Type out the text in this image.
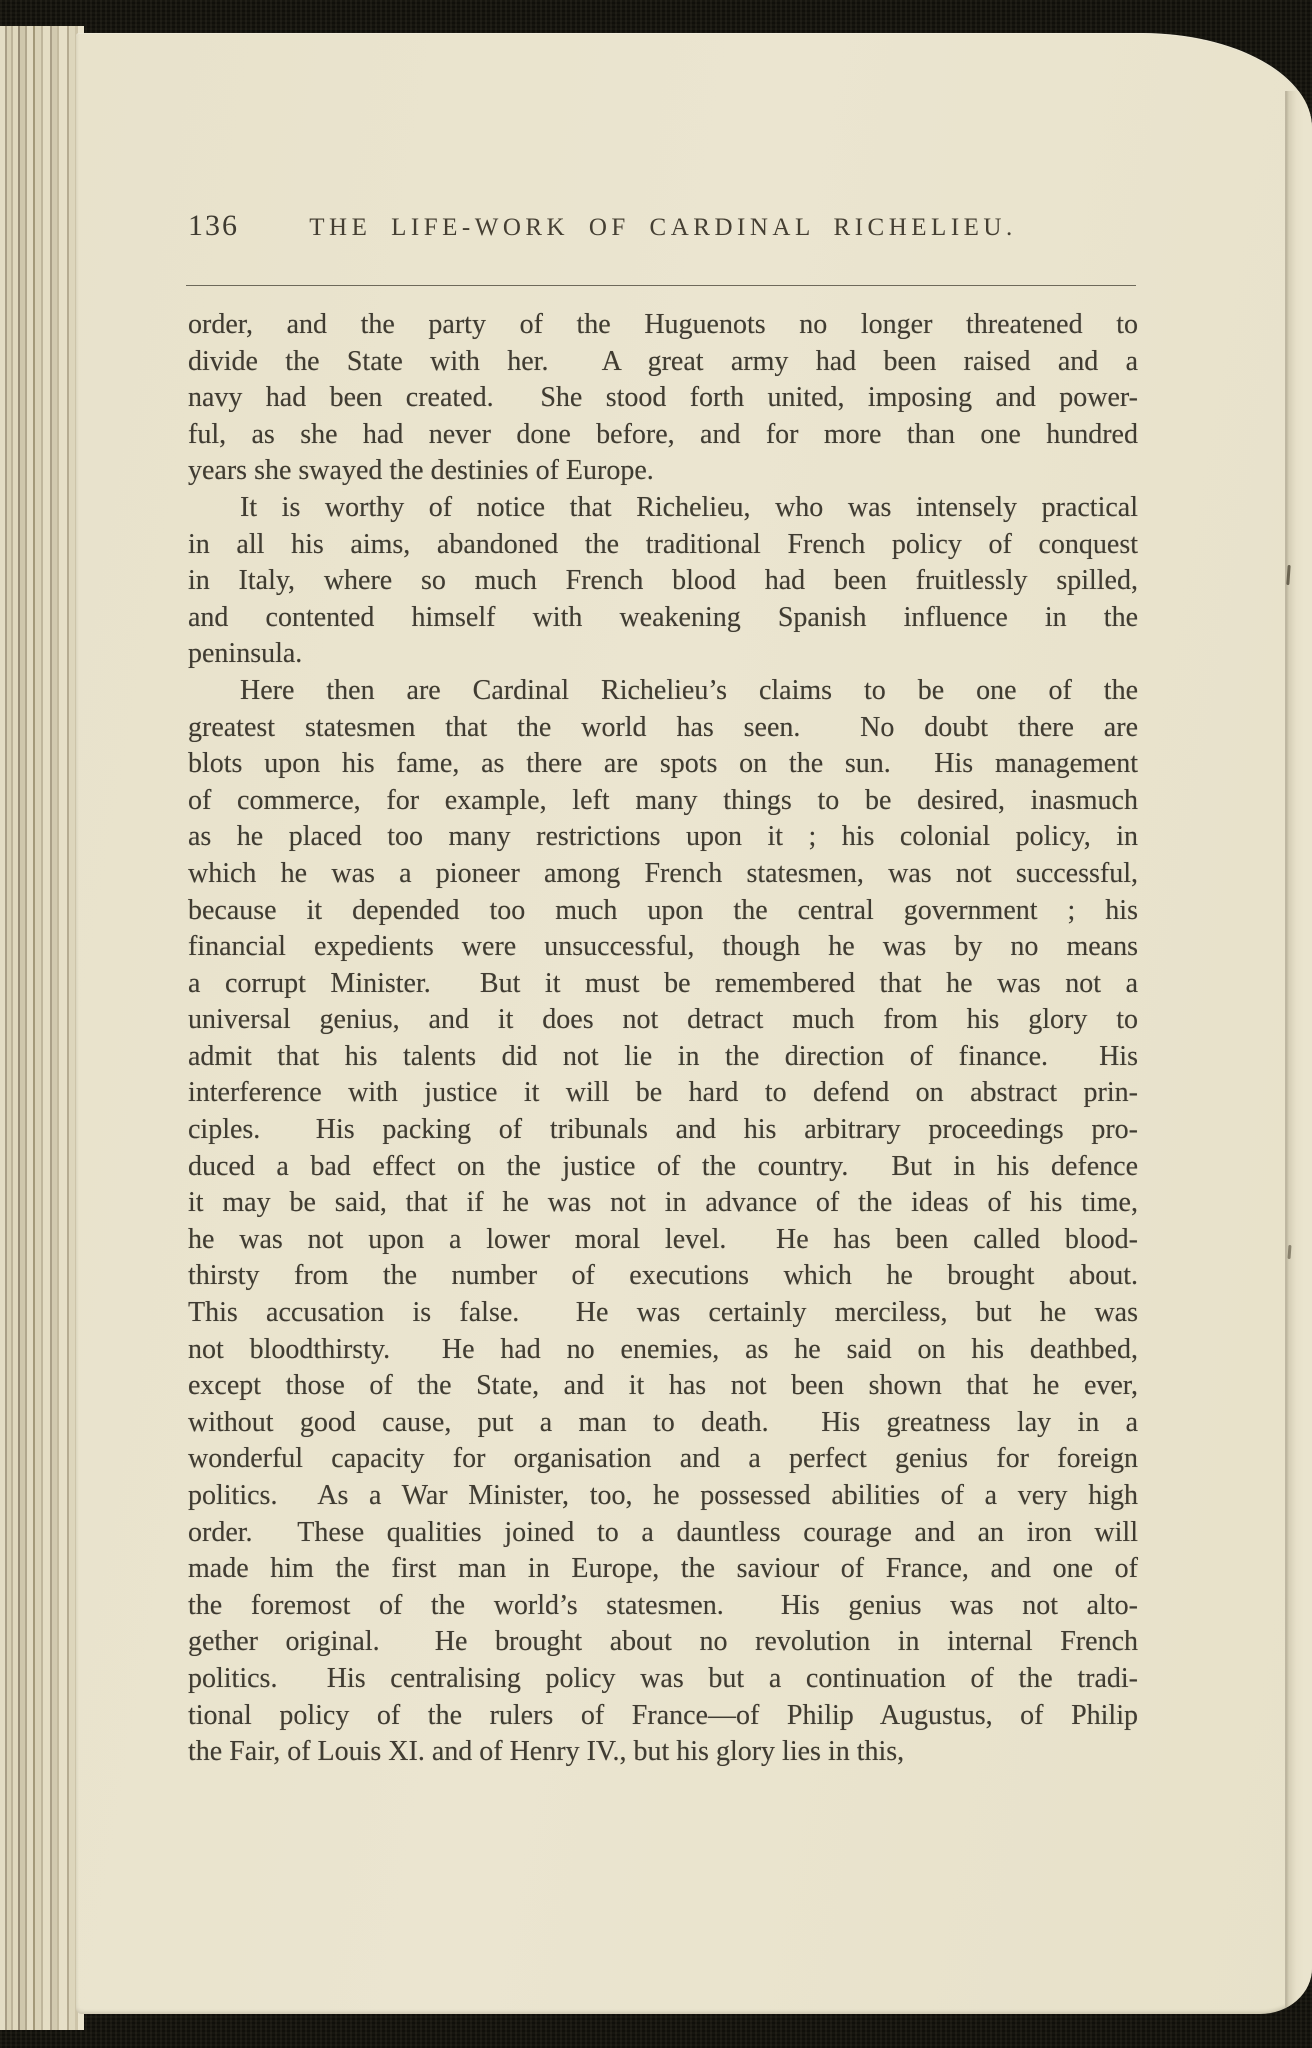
136	THE LIFE-WORK OF CARDINAL RICHELIEU.
order, and the party of the Huguenots no longer threatened to
divide the State with her.  A great army had been raised and a
navy had been created.  She stood forth united, imposing and power-
ful, as she had never done before, and for more than one hundred
years she swayed the destinies of Europe.
It is worthy of notice that Richelieu, who was intensely practical
in all his aims, abandoned the traditional French policy of conquest
in Italy, where so much French blood had been fruitlessly spilled,
and contented himself with weakening Spanish influence in the
peninsula.
Here then are Cardinal Richelieu’s claims to be one of the
greatest statesmen that the world has seen.  No doubt there are
blots upon his fame, as there are spots on the sun.  His management
of commerce, for example, left many things to be desired, inasmuch
as he placed too many restrictions upon it ; his colonial policy, in
which he was a pioneer among French statesmen, was not successful,
because it depended too much upon the central government ; his
financial expedients were unsuccessful, though he was by no means
a corrupt Minister.  But it must be remembered that he was not a
universal genius, and it does not detract much from his glory to
admit that his talents did not lie in the direction of finance.  His
interference with justice it will be hard to defend on abstract prin-
ciples.  His packing of tribunals and his arbitrary proceedings pro-
duced a bad effect on the justice of the country.  But in his defence
it may be said, that if he was not in advance of the ideas of his time,
he was not upon a lower moral level.  He has been called blood-
thirsty from the number of executions which he brought about.
This accusation is false.  He was certainly merciless, but he was
not bloodthirsty.  He had no enemies, as he said on his deathbed,
except those of the State, and it has not been shown that he ever,
without good cause, put a man to death.  His greatness lay in a
wonderful capacity for organisation and a perfect genius for foreign
politics.  As a War Minister, too, he possessed abilities of a very high
order.  These qualities joined to a dauntless courage and an iron will
made him the first man in Europe, the saviour of France, and one of
the foremost of the world’s statesmen.  His genius was not alto-
gether original.  He brought about no revolution in internal French
politics.  His centralising policy was but a continuation of the tradi-
tional policy of the rulers of France—of Philip Augustus, of Philip
the Fair, of Louis XI. and of Henry IV., but his glory lies in this,
